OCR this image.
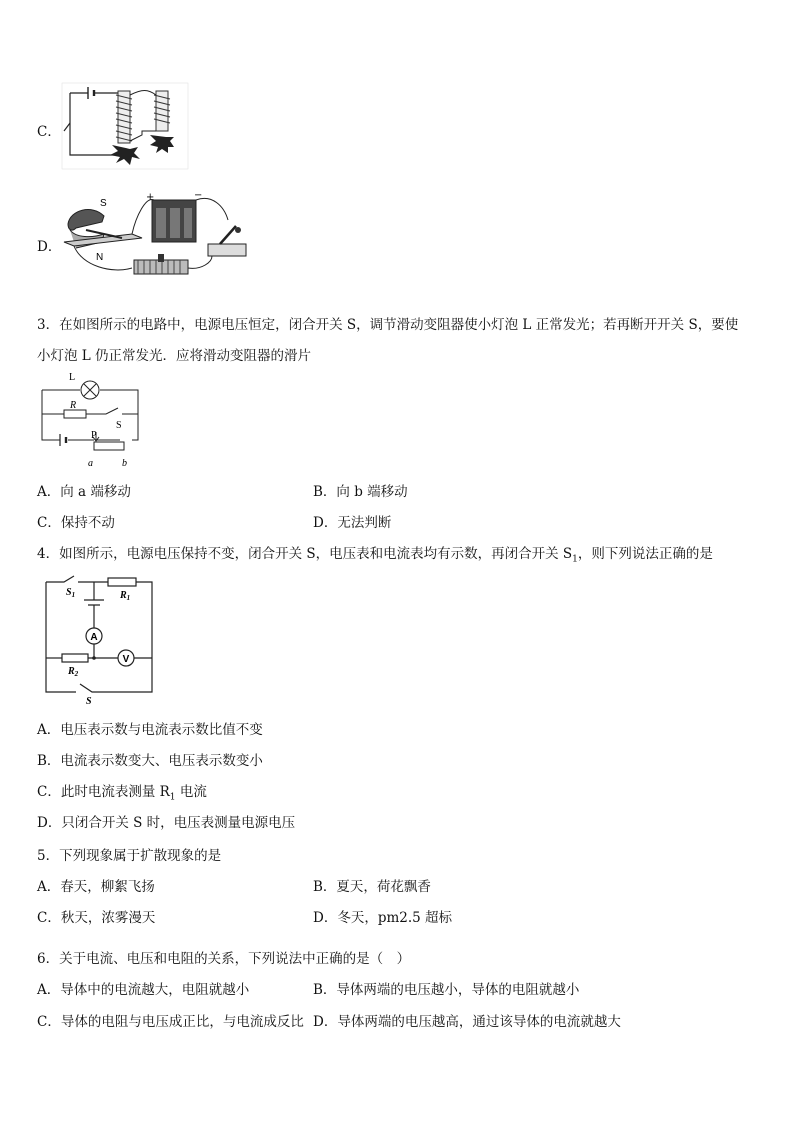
C．
D．
S
N
+	−
3．在如图所示的电路中，电源电压恒定，闭合开关 S，调节滑动变阻器使小灯泡 L 正常发光；若再断开开关 S，要使
小灯泡 L 仍正常发光．应将滑动变阻器的滑片
L
R
S
P
a	b
A．向 a 端移动	B．向 b 端移动
C．保持不动	D．无法判断
4．如图所示，电源电压保持不变，闭合开关 S，电压表和电流表均有示数，再闭合开关 $S_1$，则下列说法正确的是
$S_1$	$R_1$
$R_2$
S
A
V
A．电压表示数与电流表示数比值不变
B．电流表示数变大、电压表示数变小
C．此时电流表测量 $R_1$ 电流
D．只闭合开关 S 时，电压表测量电源电压
5．下列现象属于扩散现象的是
A．春天，柳絮飞扬	B．夏天，荷花飘香
C．秋天，浓雾漫天	D．冬天，pm2.5 超标
6．关于电流、电压和电阻的关系，下列说法中正确的是（　）
A．导体中的电流越大，电阻就越小	B．导体两端的电压越小，导体的电阻就越小
C．导体的电阻与电压成正比，与电流成反比 D．导体两端的电压越高，通过该导体的电流就越大
